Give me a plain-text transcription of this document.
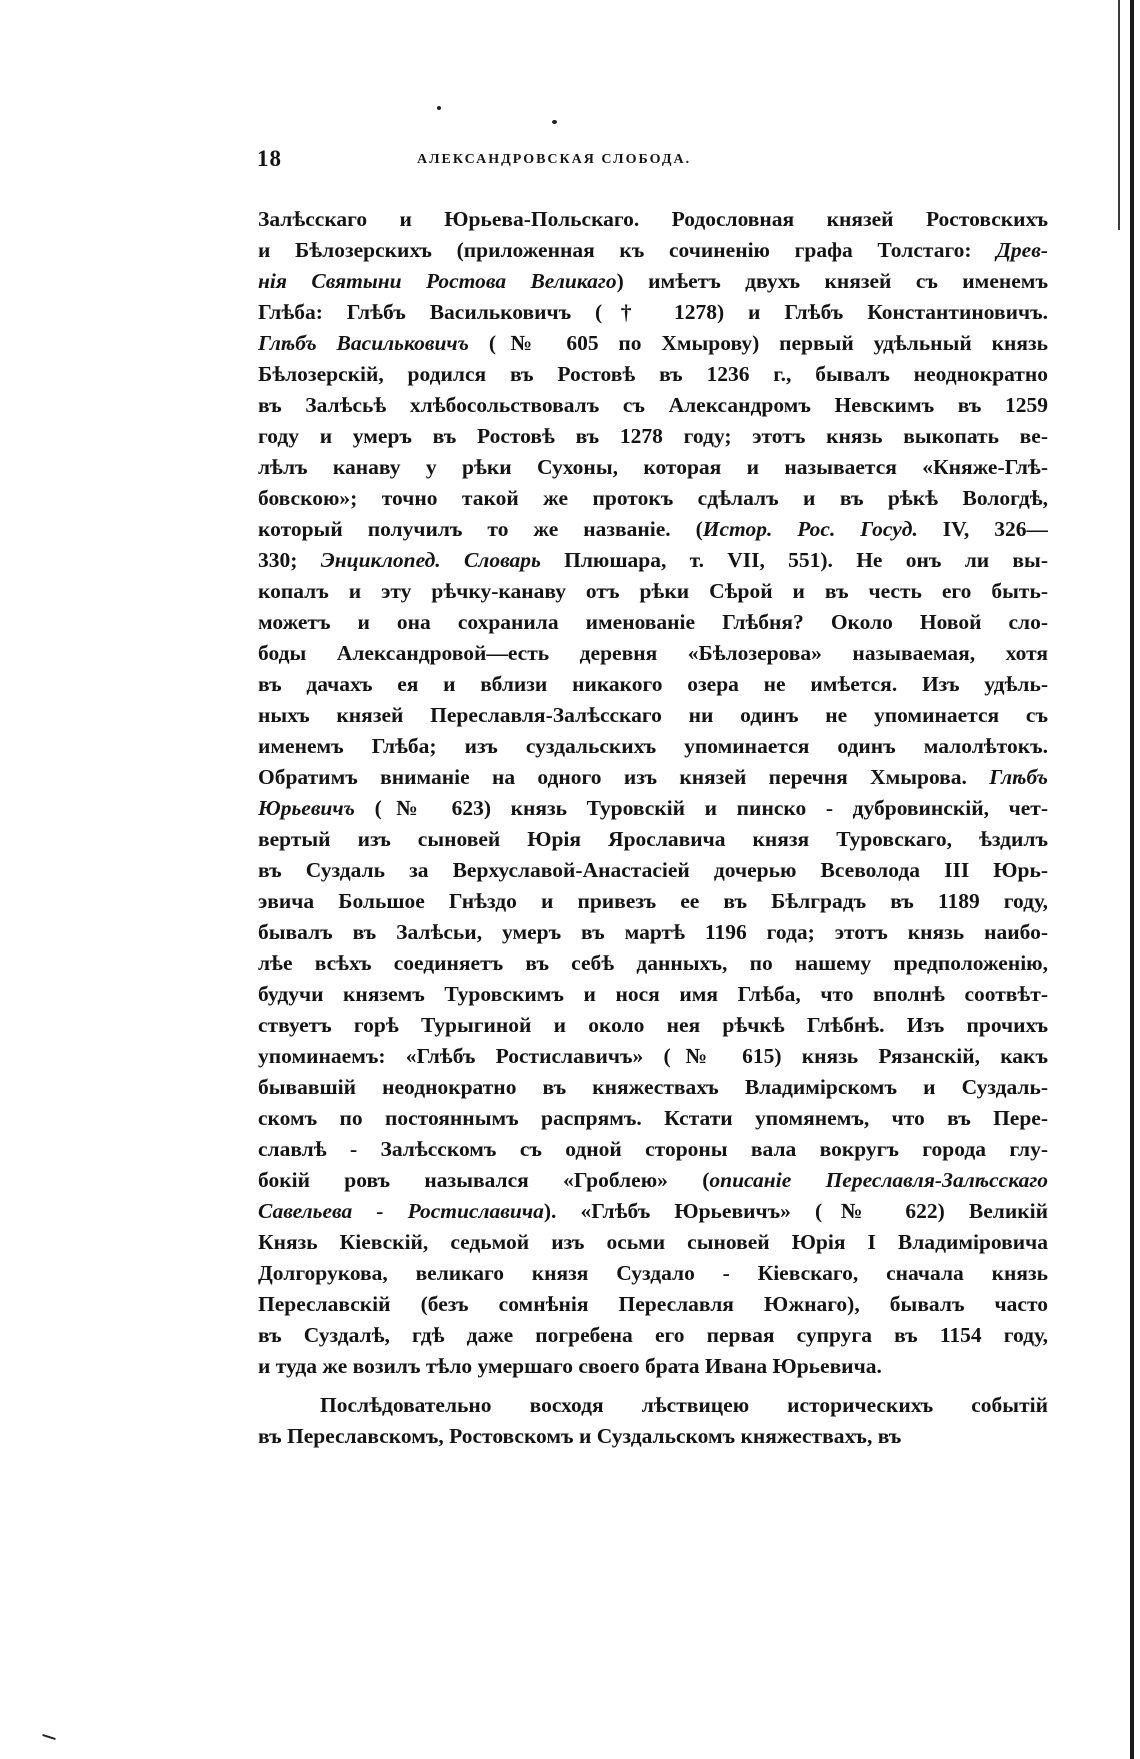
18	АЛЕКСАНДРОВСКАЯ СЛОБОДА.
Залѣсскаго и Юрьева-Польскаго. Родословная князей Ростовскихъ
и Бѣлозерскихъ (приложенная къ сочиненію графа Толстаго: Древ-
нія Святыни Ростова Великаго) имѣетъ двухъ князей съ именемъ
Глѣба: Глѣбъ Васильковичъ († 1278) и Глѣбъ Константиновичъ.
Глѣбъ Васильковичъ (№ 605 по Хмырову) первый удѣльный князь
Бѣлозерскій, родился въ Ростовѣ въ 1236 г., бывалъ неоднократно
въ Залѣсьѣ хлѣбосольствовалъ съ Александромъ Невскимъ въ 1259
году и умеръ въ Ростовѣ въ 1278 году; этотъ князь выкопать ве-
лѣлъ канаву у рѣки Сухоны, которая и называется «Княже-Глѣ-
бовскою»; точно такой же протокъ сдѣлалъ и въ рѣкѣ Вологдѣ,
который получилъ то же названіе. (Истор. Рос. Госуд. IV, 326—
330; Энциклопед. Словарь Плюшара, т. VII, 551). Не онъ ли вы-
копалъ и эту рѣчку-канаву отъ рѣки Сѣрой и въ честь его быть-
можетъ и она сохранила именованіе Глѣбня? Около Новой сло-
боды Александровой—есть деревня «Бѣлозерова» называемая, хотя
въ дачахъ ея и вблизи никакого озера не имѣется. Изъ удѣль-
ныхъ князей Переславля-Залѣсскаго ни одинъ не упоминается съ
именемъ Глѣба; изъ суздальскихъ упоминается одинъ малолѣтокъ.
Обратимъ вниманіе на одного изъ князей перечня Хмырова. Глѣбъ
Юрьевичъ (№ 623) князь Туровскій и пинско - дубровинскій, чет-
вертый изъ сыновей Юрія Ярославича князя Туровскаго, ѣздилъ
въ Суздаль за Верхуславой-Анастасіей дочерью Всеволода III Юрь-
эвича Большое Гнѣздо и привезъ ее въ Бѣлградъ въ 1189 году,
бывалъ въ Залѣсьи, умеръ въ мартѣ 1196 года; этотъ князь наибо-
лѣе всѣхъ соединяетъ въ себѣ данныхъ, по нашему предположенію,
будучи княземъ Туровскимъ и нося имя Глѣба, что вполнѣ соотвѣт-
ствуетъ горѣ Турыгиной и около нея рѣчкѣ Глѣбнѣ. Изъ прочихъ
упоминаемъ: «Глѣбъ Ростиславичъ» (№ 615) князь Рязанскій, какъ
бывавшій неоднократно въ княжествахъ Владимірскомъ и Суздаль-
скомъ по постояннымъ распрямъ. Кстати упомянемъ, что въ Пере-
славлѣ - Залѣсскомъ съ одной стороны вала вокругъ города глу-
бокій ровъ назывался «Гроблею» (описаніе Переславля-Залѣсскаго
Савельева - Ростиславича). «Глѣбъ Юрьевичъ» (№ 622) Великій
Князь Кіевскій, седьмой изъ осьми сыновей Юрія I Владиміровича
Долгорукова, великаго князя Суздало - Кіевскаго, сначала князь
Переславскій (безъ сомнѣнія Переславля Южнаго), бывалъ часто
въ Суздалѣ, гдѣ даже погребена его первая супруга въ 1154 году,
и туда же возилъ тѣло умершаго своего брата Ивана Юрьевича.
Послѣдовательно восходя лѣствицею историческихъ событій
въ Переславскомъ, Ростовскомъ и Суздальскомъ княжествахъ, въ
